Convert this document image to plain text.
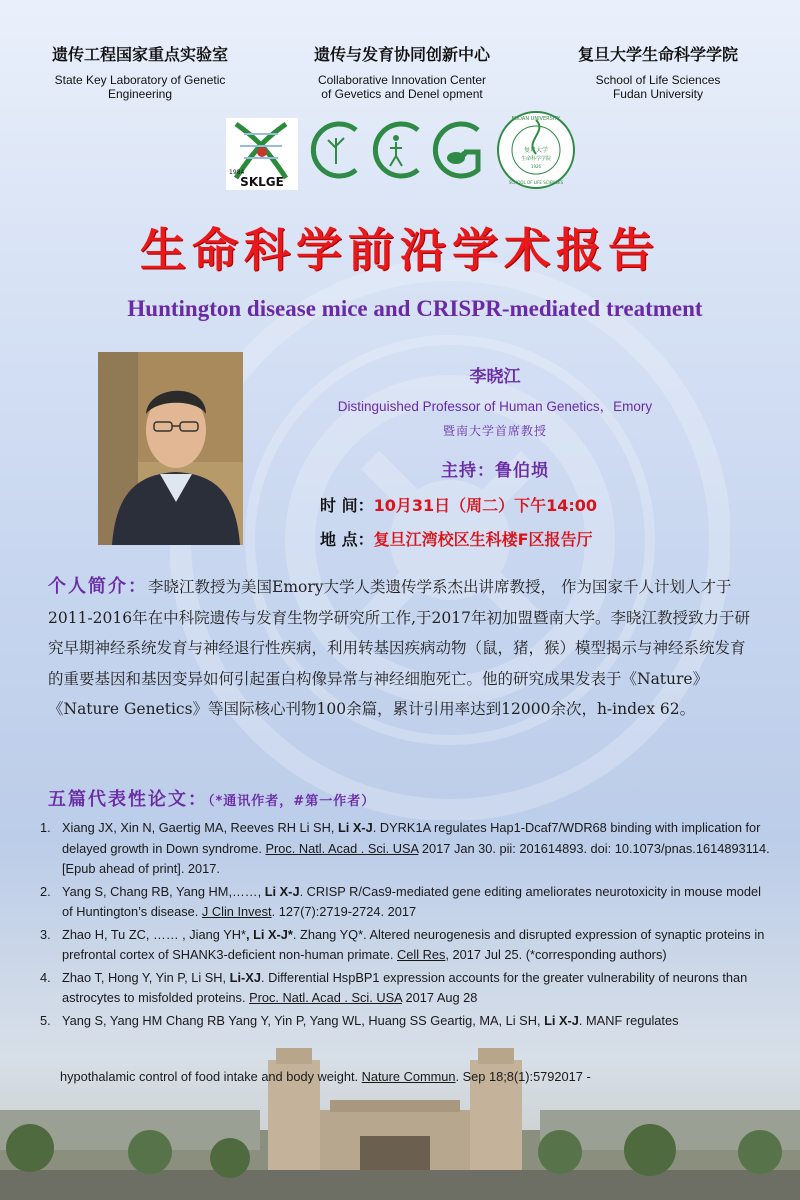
遗传工程国家重点实验室
State Key Laboratory of Genetic
Engineering
遗传与发育协同创新中心
Collaborative Innovation Center
of Gevetics and Denel opment
复旦大学生命科学学院
School of Life Sciences
Fudan University
1984
SKLGE
FUDAN UNIVERSITY
复旦大学
生命科学学院
1926
SCHOOL OF LIFE SCIENCES
生命科学前沿学术报告
Huntington disease mice and CRISPR-mediated treatment
李晓江
Distinguished Professor of Human Genetics，Emory
暨南大学首席教授
主持：鲁伯埙
时 间：10月31日（周二）下午14:00
地 点：复旦江湾校区生科楼F区报告厅
个人简介：李晓江教授为美国Emory大学人类遗传学系杰出讲席教授， 作为国家千人计划人才于2011-2016年在中科院遗传与发育生物学研究所工作,于2017年初加盟暨南大学。李晓江教授致力于研究早期神经系统发育与神经退行性疾病，利用转基因疾病动物（鼠，猪，猴）模型揭示与神经系统发育的重要基因和基因变异如何引起蛋白构像异常与神经细胞死亡。他的研究成果发表于《Nature》 《Nature Genetics》等国际核心刊物100余篇，累计引用率达到12000余次，h-index 62。
五篇代表性论文：（*通讯作者，#第一作者）
1. Xiang JX, Xin N, Gaertig MA, Reeves RH Li SH, Li X-J. DYRK1A regulates Hap1-Dcaf7/WDR68 binding with implication for delayed growth in Down syndrome. Proc. Natl. Acad . Sci. USA 2017 Jan 30. pii: 201614893. doi: 10.1073/pnas.1614893114. [Epub ahead of print]. 2017.
2. Yang S, Chang RB, Yang HM,……, Li X-J. CRISP R/Cas9-mediated gene editing ameliorates neurotoxicity in mouse model of Huntington’s disease. J Clin Invest. 127(7):2719-2724. 2017
3. Zhao H, Tu ZC, …… , Jiang YH*, Li X-J*. Zhang YQ*. Altered neurogenesis and disrupted expression of synaptic proteins in prefrontal cortex of SHANK3-deficient non-human primate. Cell Res, 2017 Jul 25. (*corresponding authors)
4. Zhao T, Hong Y, Yin P, Li SH, Li-XJ. Differential HspBP1 expression accounts for the greater vulnerability of neurons than astrocytes to misfolded proteins. Proc. Natl. Acad . Sci. USA 2017 Aug 28
5. Yang S, Yang HM Chang RB Yang Y, Yin P, Yang WL, Huang SS Geartig, MA, Li SH, Li X-J. MANF regulates
hypothalamic control of food intake and body weight. Nature Commun. Sep 18;8(1):5792017 -
